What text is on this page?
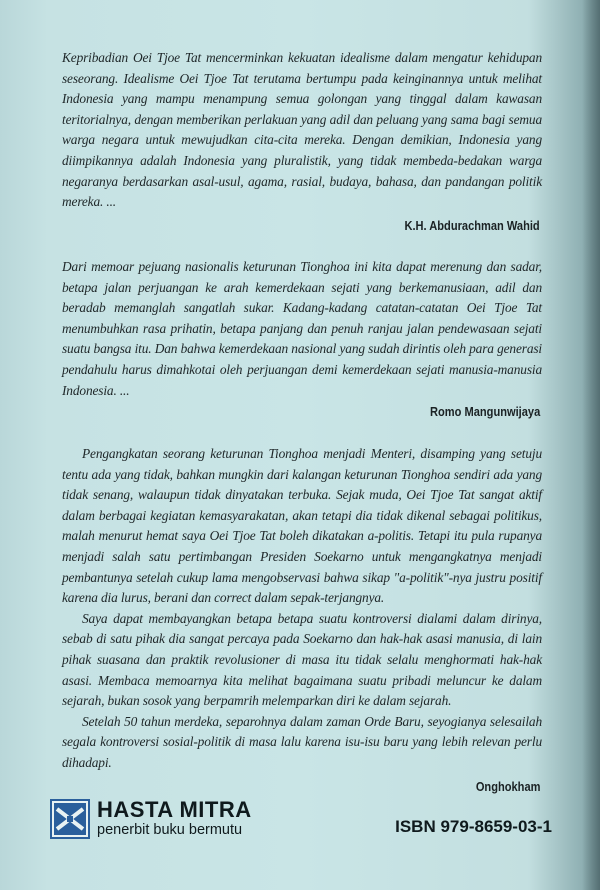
Kepribadian Oei Tjoe Tat mencerminkan kekuatan idealisme dalam mengatur kehidupan seseorang. Idealisme Oei Tjoe Tat terutama bertumpu pada keinginannya untuk melihat Indonesia yang mampu menampung semua golongan yang tinggal dalam kawasan teritorialnya, dengan memberikan perlakuan yang adil dan peluang yang sama bagi semua warga negara untuk mewujudkan cita-cita mereka. Dengan demikian, Indonesia yang diimpikannya adalah Indonesia yang pluralistik, yang tidak membeda-bedakan warga negaranya berdasarkan asal-usul, agama, rasial, budaya, bahasa, dan pandangan politik mereka. ...

K.H. Abdurachman Wahid

Dari memoar pejuang nasionalis keturunan Tionghoa ini kita dapat merenung dan sadar, betapa jalan perjuangan ke arah kemerdekaan sejati yang berkemanusiaan, adil dan beradab memanglah sangatlah sukar. Kadang-kadang catatan-catatan Oei Tjoe Tat menumbuhkan rasa prihatin, betapa panjang dan penuh ranjau jalan pendewasaan sejati suatu bangsa itu. Dan bahwa kemerdekaan nasional yang sudah dirintis oleh para generasi pendahulu harus dimahkotai oleh perjuangan demi kemerdekaan sejati manusia-manusia Indonesia. ...

Romo Mangunwijaya

Pengangkatan seorang keturunan Tionghoa menjadi Menteri, disamping yang setuju tentu ada yang tidak, bahkan mungkin dari kalangan keturunan Tionghoa sendiri ada yang tidak senang, walaupun tidak dinyatakan terbuka. Sejak muda, Oei Tjoe Tat sangat aktif dalam berbagai kegiatan kemasyarakatan, akan tetapi dia tidak dikenal sebagai politikus, malah menurut hemat saya Oei Tjoe Tat boleh dikatakan a-politis. Tetapi itu pula rupanya menjadi salah satu pertimbangan Presiden Soekarno untuk mengangkatnya menjadi pembantunya setelah cukup lama mengobservasi bahwa sikap "a-politik"-nya justru positif karena dia lurus, berani dan correct dalam sepak-terjangnya.

Saya dapat membayangkan betapa betapa suatu kontroversi dialami dalam dirinya, sebab di satu pihak dia sangat percaya pada Soekarno dan hak-hak asasi manusia, di lain pihak suasana dan praktik revolusioner di masa itu tidak selalu menghormati hak-hak asasi. Membaca memoarnya kita melihat bagaimana suatu pribadi meluncur ke dalam sejarah, bukan sosok yang berpamrih melemparkan diri ke dalam sejarah.

Setelah 50 tahun merdeka, separohnya dalam zaman Orde Baru, seyogianya selesailah segala kontroversi sosial-politik di masa lalu karena isu-isu baru yang lebih relevan perlu dihadapi.

Onghokham
HASTA MITRA
penerbit buku bermutu	ISBN 979-8659-03-1
